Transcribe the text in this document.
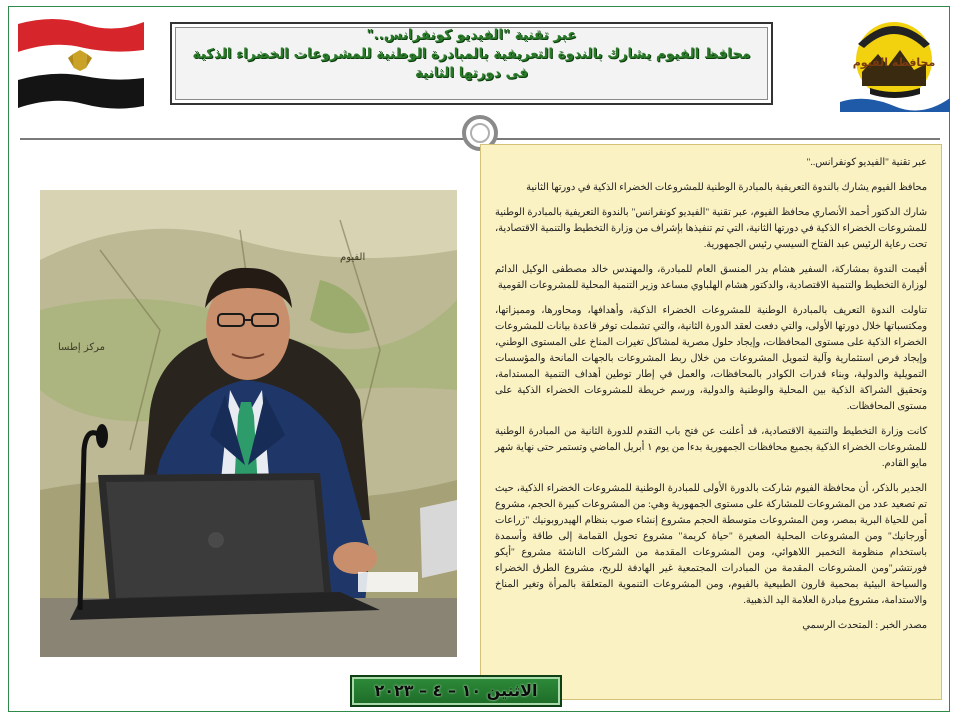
محافظة الفيوم
عبر تقنية "الفيديو كونفرانس.."
محافظ الفيوم يشارك بالندوة التعريفية بالمبادرة الوطنية للمشروعات الخضراء الذكية
فى دورتها الثانية
مركز إطسا
الفيوم

عبر تقنية "الفيديو كونفرانس.."

محافظ الفيوم يشارك بالندوة التعريفية بالمبادرة الوطنية للمشروعات الخضراء الذكية في دورتها الثانية

شارك الدكتور أحمد الأنصاري محافظ الفيوم، عبر تقنية "الفيديو كونفرانس" بالندوة التعريفية بالمبادرة الوطنية للمشروعات الخضراء الذكية في دورتها الثانية، التي تم تنفيذها بإشراف من وزارة التخطيط والتنمية الاقتصادية، تحت رعاية الرئيس عبد الفتاح السيسي رئيس الجمهورية.

أقيمت الندوة بمشاركة، السفير هشام بدر المنسق العام للمبادرة، والمهندس خالد مصطفى الوكيل الدائم لوزارة التخطيط والتنمية الاقتصادية، والدكتور هشام الهلباوي مساعد وزير التنمية المحلية للمشروعات القومية

تناولت الندوة التعريف بالمبادرة الوطنية للمشروعات الخضراء الذكية، وأهدافها، ومحاورها، ومميزاتها، ومكتسباتها خلال دورتها الأولى، والتي دفعت لعقد الدورة الثانية، والتي تشملت توفر قاعدة بيانات للمشروعات الخضراء الذكية على مستوى المحافظات، وإيجاد حلول مصرية لمشاكل تغيرات المناخ على المستوى الوطني، وإيجاد فرص استثمارية وآلية لتمويل المشروعات من خلال ربط المشروعات بالجهات المانحة والمؤسسات التمويلية والدولية، وبناء قدرات الكوادر بالمحافظات، والعمل في إطار توطين أهداف التنمية المستدامة، وتحقيق الشراكة الذكية بين المحلية والوطنية والدولية، ورسم خريطة للمشروعات الخضراء الذكية على مستوى المحافظات.

كانت وزارة التخطيط والتنمية الاقتصادية، قد أعلنت عن فتح باب التقدم للدورة الثانية من المبادرة الوطنية للمشروعات الخضراء الذكية بجميع محافظات الجمهورية بدءا من يوم ١ أبريل الماضي وتستمر حتى نهاية شهر مايو القادم.

الجدير بالذكر، أن محافظة الفيوم شاركت بالدورة الأولى للمبادرة الوطنية للمشروعات الخضراء الذكية، حيث تم تصعيد عدد من المشروعات للمشاركة على مستوى الجمهورية وهي: من المشروعات كبيرة الحجم، مشروع أمن للحياة البرية بمصر، ومن المشروعات متوسطة الحجم مشروع إنشاء صوب بنظام الهيدروبونيك "زراعات أورجانيك" ومن المشروعات المحلية الصغيرة "حياة كريمة" مشروع تحويل القمامة إلى طاقة وأسمدة باستخدام منظومة التخمير اللاهوائي، ومن المشروعات المقدمة من الشركات الناشئة مشروع "أيكو فورنتشر"ومن المشروعات المقدمة من المبادرات المجتمعية غير الهادفة للربح، مشروع الطرق الخضراء والسياحة البيئية بمحمية قارون الطبيعية بالفيوم، ومن المشروعات التنموية المتعلقة بالمرأة وتغير المناخ والاستدامة، مشروع مبادرة العلامة اليد الذهبية.

مصدر الخبر : المتحدث الرسمي

الاثنين ١٠ – ٤ – ٢٠٢٣
